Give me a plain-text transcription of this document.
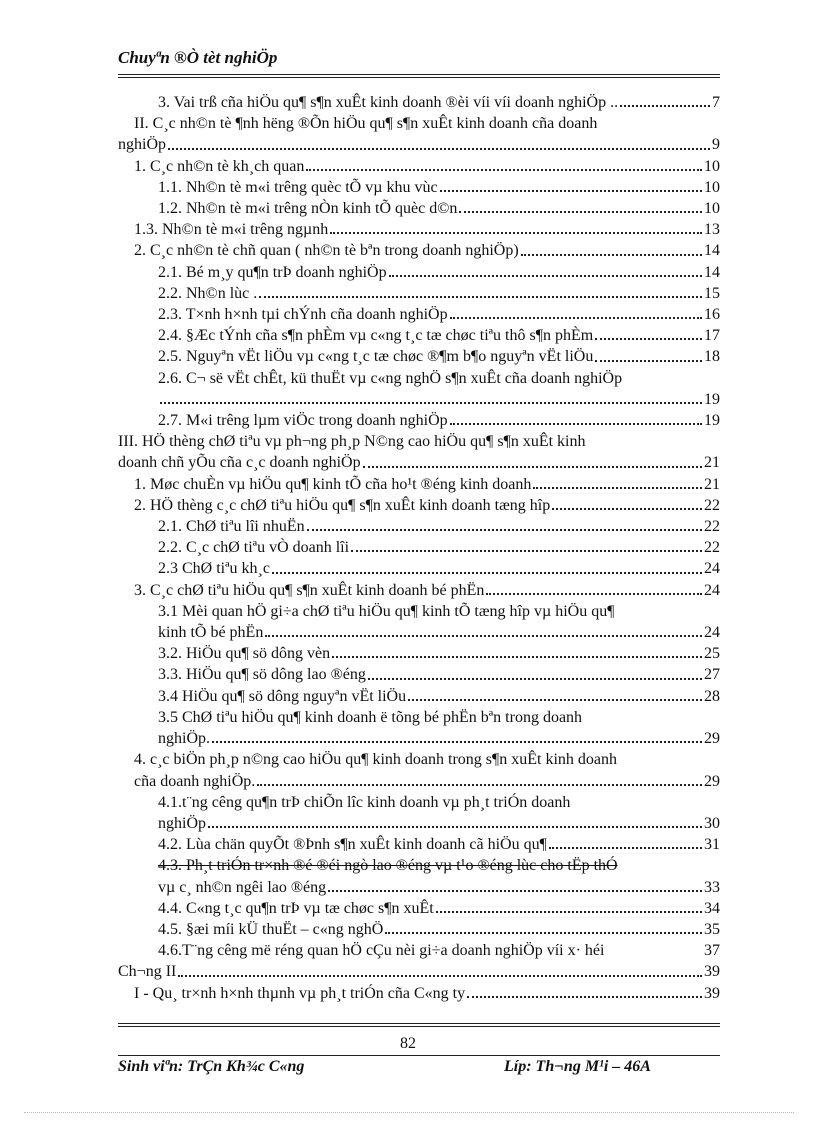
Chuyªn ®Ò tèt nghiÖp
3. Vai trß cña hiÖu qu¶ s¶n xuÊt kinh doanh ®èi víi víi doanh nghiÖp ..	7
II. C¸c nh©n tè ¶nh hëng ®Õn hiÖu qu¶ s¶n xuÊt kinh doanh cña doanh
nghiÖp	9
1. C¸c nh©n tè kh¸ch quan	10
1.1. Nh©n tè m«i trêng quèc tÕ vµ khu vùc	10
1.2. Nh©n tè m«i trêng nÒn kinh tÕ quèc d©n	10
1.3. Nh©n tè m«i trêng ngµnh	13
2. C¸c nh©n tè chñ quan ( nh©n tè bªn trong doanh nghiÖp)	14
2.1. Bé m¸y qu¶n trÞ doanh nghiÖp	14
2.2. Nh©n lùc .	15
2.3. T×nh h×nh tµi chÝnh cña doanh nghiÖp	16
2.4. §Æc tÝnh cña s¶n phÈm vµ c«ng t¸c tæ chøc tiªu thô s¶n phÈm	17
2.5. Nguyªn vËt liÖu vµ c«ng t¸c tæ chøc ®¶m b¶o nguyªn vËt liÖu	18
2.6. C¬ së vËt chÊt, kü thuËt vµ c«ng nghÖ s¶n xuÊt cña doanh nghiÖp
19
2.7. M«i trêng lµm viÖc trong doanh nghiÖp	19
III. HÖ thèng chØ tiªu vµ ph¬ng ph¸p N©ng cao hiÖu qu¶ s¶n xuÊt kinh
doanh chñ yÕu cña c¸c doanh nghiÖp	21
1. Møc chuÈn vµ hiÖu qu¶ kinh tÕ cña ho¹t ®éng kinh doanh	21
2. HÖ thèng c¸c chØ tiªu hiÖu qu¶ s¶n xuÊt kinh doanh tæng hîp	22
2.1. ChØ tiªu lîi nhuËn	22
2.2. C¸c chØ tiªu vÒ doanh lîi	22
2.3 ChØ tiªu kh¸c	24
3. C¸c chØ tiªu hiÖu qu¶ s¶n xuÊt kinh doanh bé phËn	24
3.1 Mèi quan hÖ gi÷a chØ tiªu hiÖu qu¶ kinh tÕ tæng hîp vµ hiÖu qu¶
kinh tÕ bé phËn	24
3.2. HiÖu qu¶ sö dông vèn	25
3.3. HiÖu qu¶ sö dông lao ®éng	27
3.4 HiÖu qu¶ sö dông nguyªn vËt liÖu	28
3.5 ChØ tiªu hiÖu qu¶ kinh doanh ë tõng bé phËn bªn trong doanh
nghiÖp.	29
4. c¸c biÖn ph¸p n©ng cao hiÖu qu¶ kinh doanh trong s¶n xuÊt kinh doanh
cña doanh nghiÖp.	29
4.1.t¨ng cêng qu¶n trÞ chiÕn lîc kinh doanh vµ ph¸t triÓn doanh
nghiÖp	30
4.2. Lùa chän quyÕt ®Þnh s¶n xuÊt kinh doanh cã hiÖu qu¶	31
4.3. Ph¸t triÓn tr×nh ®é ®éi ngò lao ®éng vµ t¹o ®éng lùc cho tËp thÓ
vµ c¸ nh©n ngêi lao ®éng	33
4.4. C«ng t¸c qu¶n trÞ vµ tæ chøc s¶n xuÊt	34
4.5. §æi míi kÜ thuËt – c«ng nghÖ	35
4.6.T¨ng cêng më réng quan hÖ cÇu nèi gi÷a doanh nghiÖp víi x· héi	37
Ch¬ng II	39
I - Qu¸ tr×nh h×nh thµnh vµ ph¸t triÓn cña C«ng ty	39
82
Sinh viªn: TrÇn Kh¾c C«ng	Líp: Th¬ng M¹i – 46A
